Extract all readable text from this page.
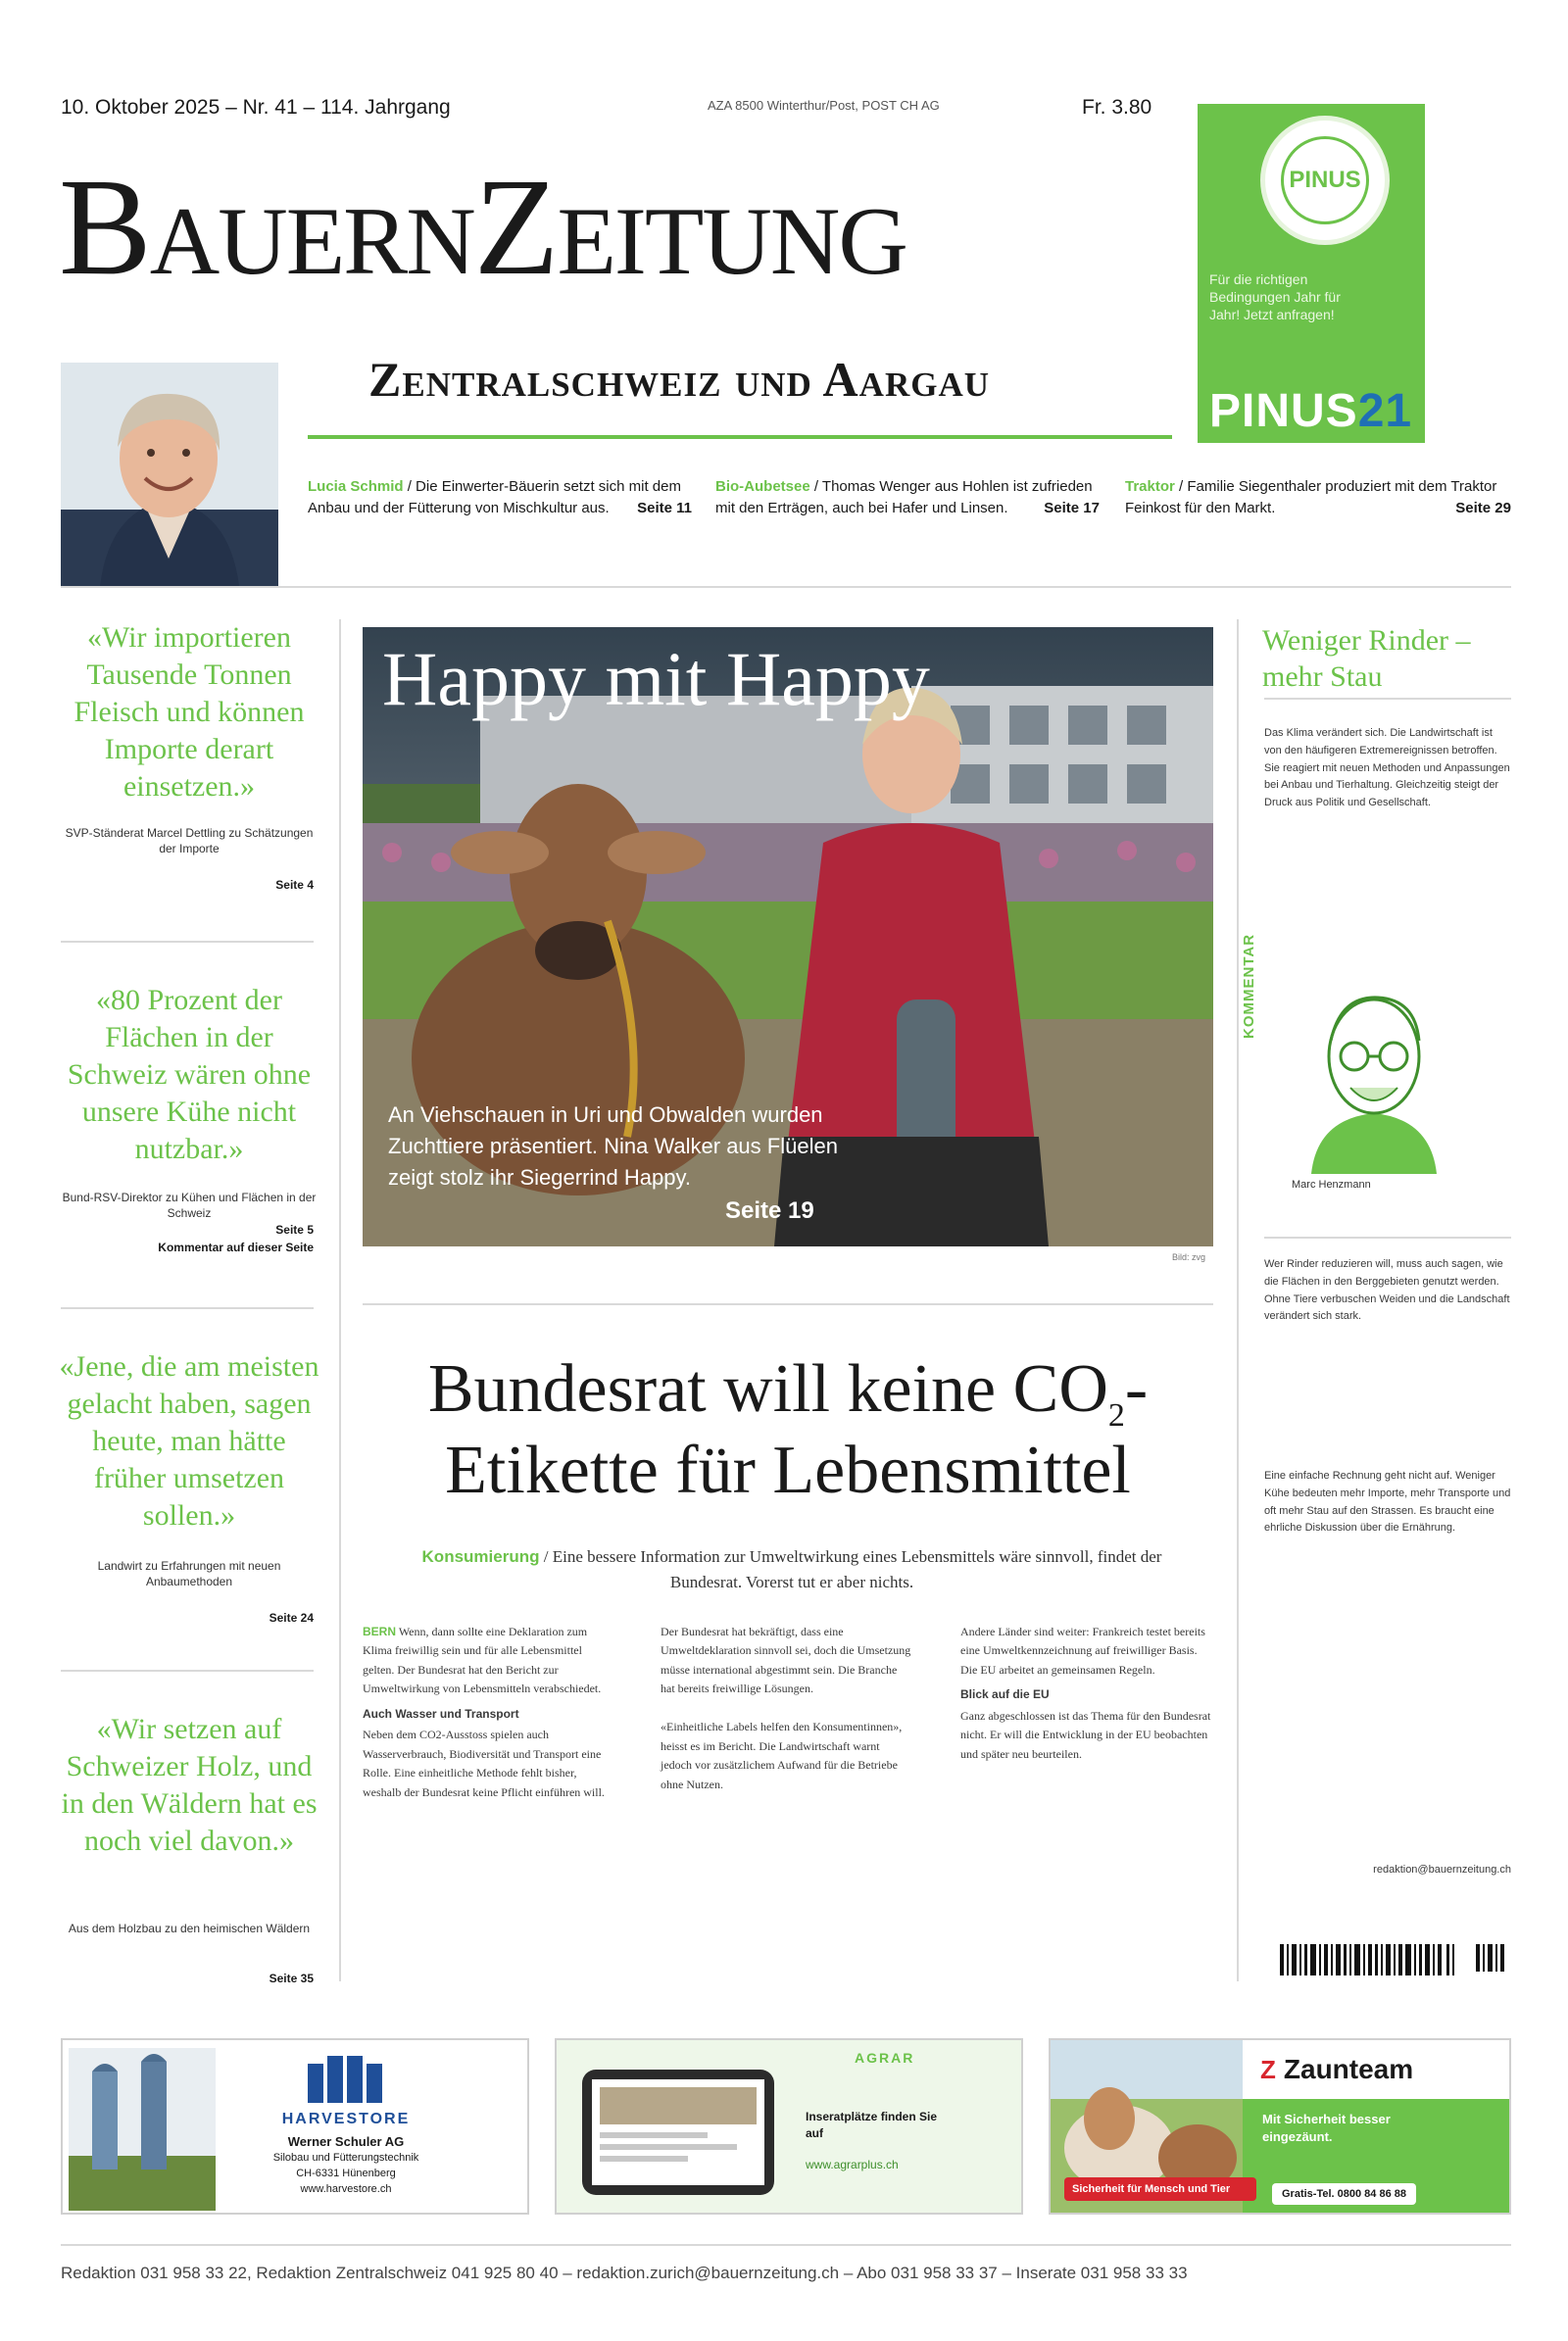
10. Oktober 2025 – Nr. 41 – 114. Jahrgang	AZA 8500 Winterthur/Post, POST CH AG	Fr. 3.80
BauernZeitung
Zentralschweiz und Aargau
PINUS
Für die richtigen Bedingungen Jahr für Jahr! Jetzt anfragen!
PINUS21
Lucia Schmid / Die Einwerter-Bäuerin setzt sich mit dem Anbau und der Fütterung von Mischkultur aus. Seite 11
Bio-Aubetsee / Thomas Wenger aus Hohlen ist zufrieden mit den Erträgen, auch bei Hafer und Linsen. Seite 17
Traktor / Familie Siegenthaler produziert mit dem Traktor Feinkost für den Markt.	Seite 29
«Wir importieren Tausende Tonnen Fleisch und können Importe derart einsetzen.»
SVP-Ständerat Marcel Dettling zu Schätzungen der Importe
Seite 4
«80 Prozent der Flächen in der Schweiz wären ohne unsere Kühe nicht nutzbar.»
Bund-RSV-Direktor zu Kühen und Flächen in der Schweiz
Seite 5
Kommentar auf dieser Seite
«Jene, die am meisten gelacht haben, sagen heute, man hätte früher umsetzen sollen.»
Landwirt zu Erfahrungen mit neuen Anbaumethoden
Seite 24
«Wir setzen auf Schweizer Holz, und in den Wäldern hat es noch viel davon.»
Aus dem Holzbau zu den heimischen Wäldern
Seite 35
Happy mit Happy
An Viehschauen in Uri und Obwalden wurden Zuchttiere präsentiert. Nina Walker aus Flüelen zeigt stolz ihr Siegerrind Happy.
Seite 19
Bild: zvg
Bundesrat will keine $CO_2$-Etikette für Lebensmittel
Konsumierung / Eine bessere Information zur Umweltwirkung eines Lebensmittels wäre sinnvoll, findet der Bundesrat. Vorerst tut er aber nichts.
BERN Wenn, dann sollte eine Deklaration zum Klima freiwillig sein und für alle Lebensmittel gelten. Der Bundesrat hat den Bericht zur Umweltwirkung von Lebensmitteln verabschiedet.
Auch Wasser und Transport
Neben dem CO2-Ausstoss spielen auch Wasserverbrauch, Biodiversität und Transport eine Rolle. Eine einheitliche Methode fehlt bisher, weshalb der Bundesrat keine Pflicht einführen will.
Der Bundesrat hat bekräftigt, dass eine Umweltdeklaration sinnvoll sei, doch die Umsetzung müsse international abgestimmt sein. Die Branche hat bereits freiwillige Lösungen.

«Einheitliche Labels helfen den Konsumentinnen», heisst es im Bericht. Die Landwirtschaft warnt jedoch vor zusätzlichem Aufwand für die Betriebe ohne Nutzen.
Andere Länder sind weiter: Frankreich testet bereits eine Umweltkennzeichnung auf freiwilliger Basis. Die EU arbeitet an gemeinsamen Regeln.
Blick auf die EU
Ganz abgeschlossen ist das Thema für den Bundesrat nicht. Er will die Entwicklung in der EU beobachten und später neu beurteilen.
Weniger Rinder – mehr Stau
Das Klima verändert sich. Die Landwirtschaft ist von den häufigeren Extremereignissen betroffen. Sie reagiert mit neuen Methoden und Anpassungen bei Anbau und Tierhaltung. Gleichzeitig steigt der Druck aus Politik und Gesellschaft.
KOMMENTAR
Marc Henzmann
Wer Rinder reduzieren will, muss auch sagen, wie die Flächen in den Berggebieten genutzt werden. Ohne Tiere verbuschen Weiden und die Landschaft verändert sich stark.
Eine einfache Rechnung geht nicht auf. Weniger Kühe bedeuten mehr Importe, mehr Transporte und oft mehr Stau auf den Strassen. Es braucht eine ehrliche Diskussion über die Ernährung.
redaktion@bauernzeitung.ch
HARVESTORE
Werner Schuler AG
Silobau und Fütterungstechnik
CH-6331 Hünenberg
www.harvestore.ch
AGRAR
Inseratplätze finden Sie auf
www.agrarplus.ch
Z Zaunteam
Mit Sicherheit besser eingezäunt.
Sicherheit für Mensch und Tier	Gratis-Tel. 0800 84 86 88
Redaktion 031 958 33 22, Redaktion Zentralschweiz 041 925 80 40 – redaktion.zurich@bauernzeitung.ch – Abo 031 958 33 37 – Inserate 031 958 33 33
